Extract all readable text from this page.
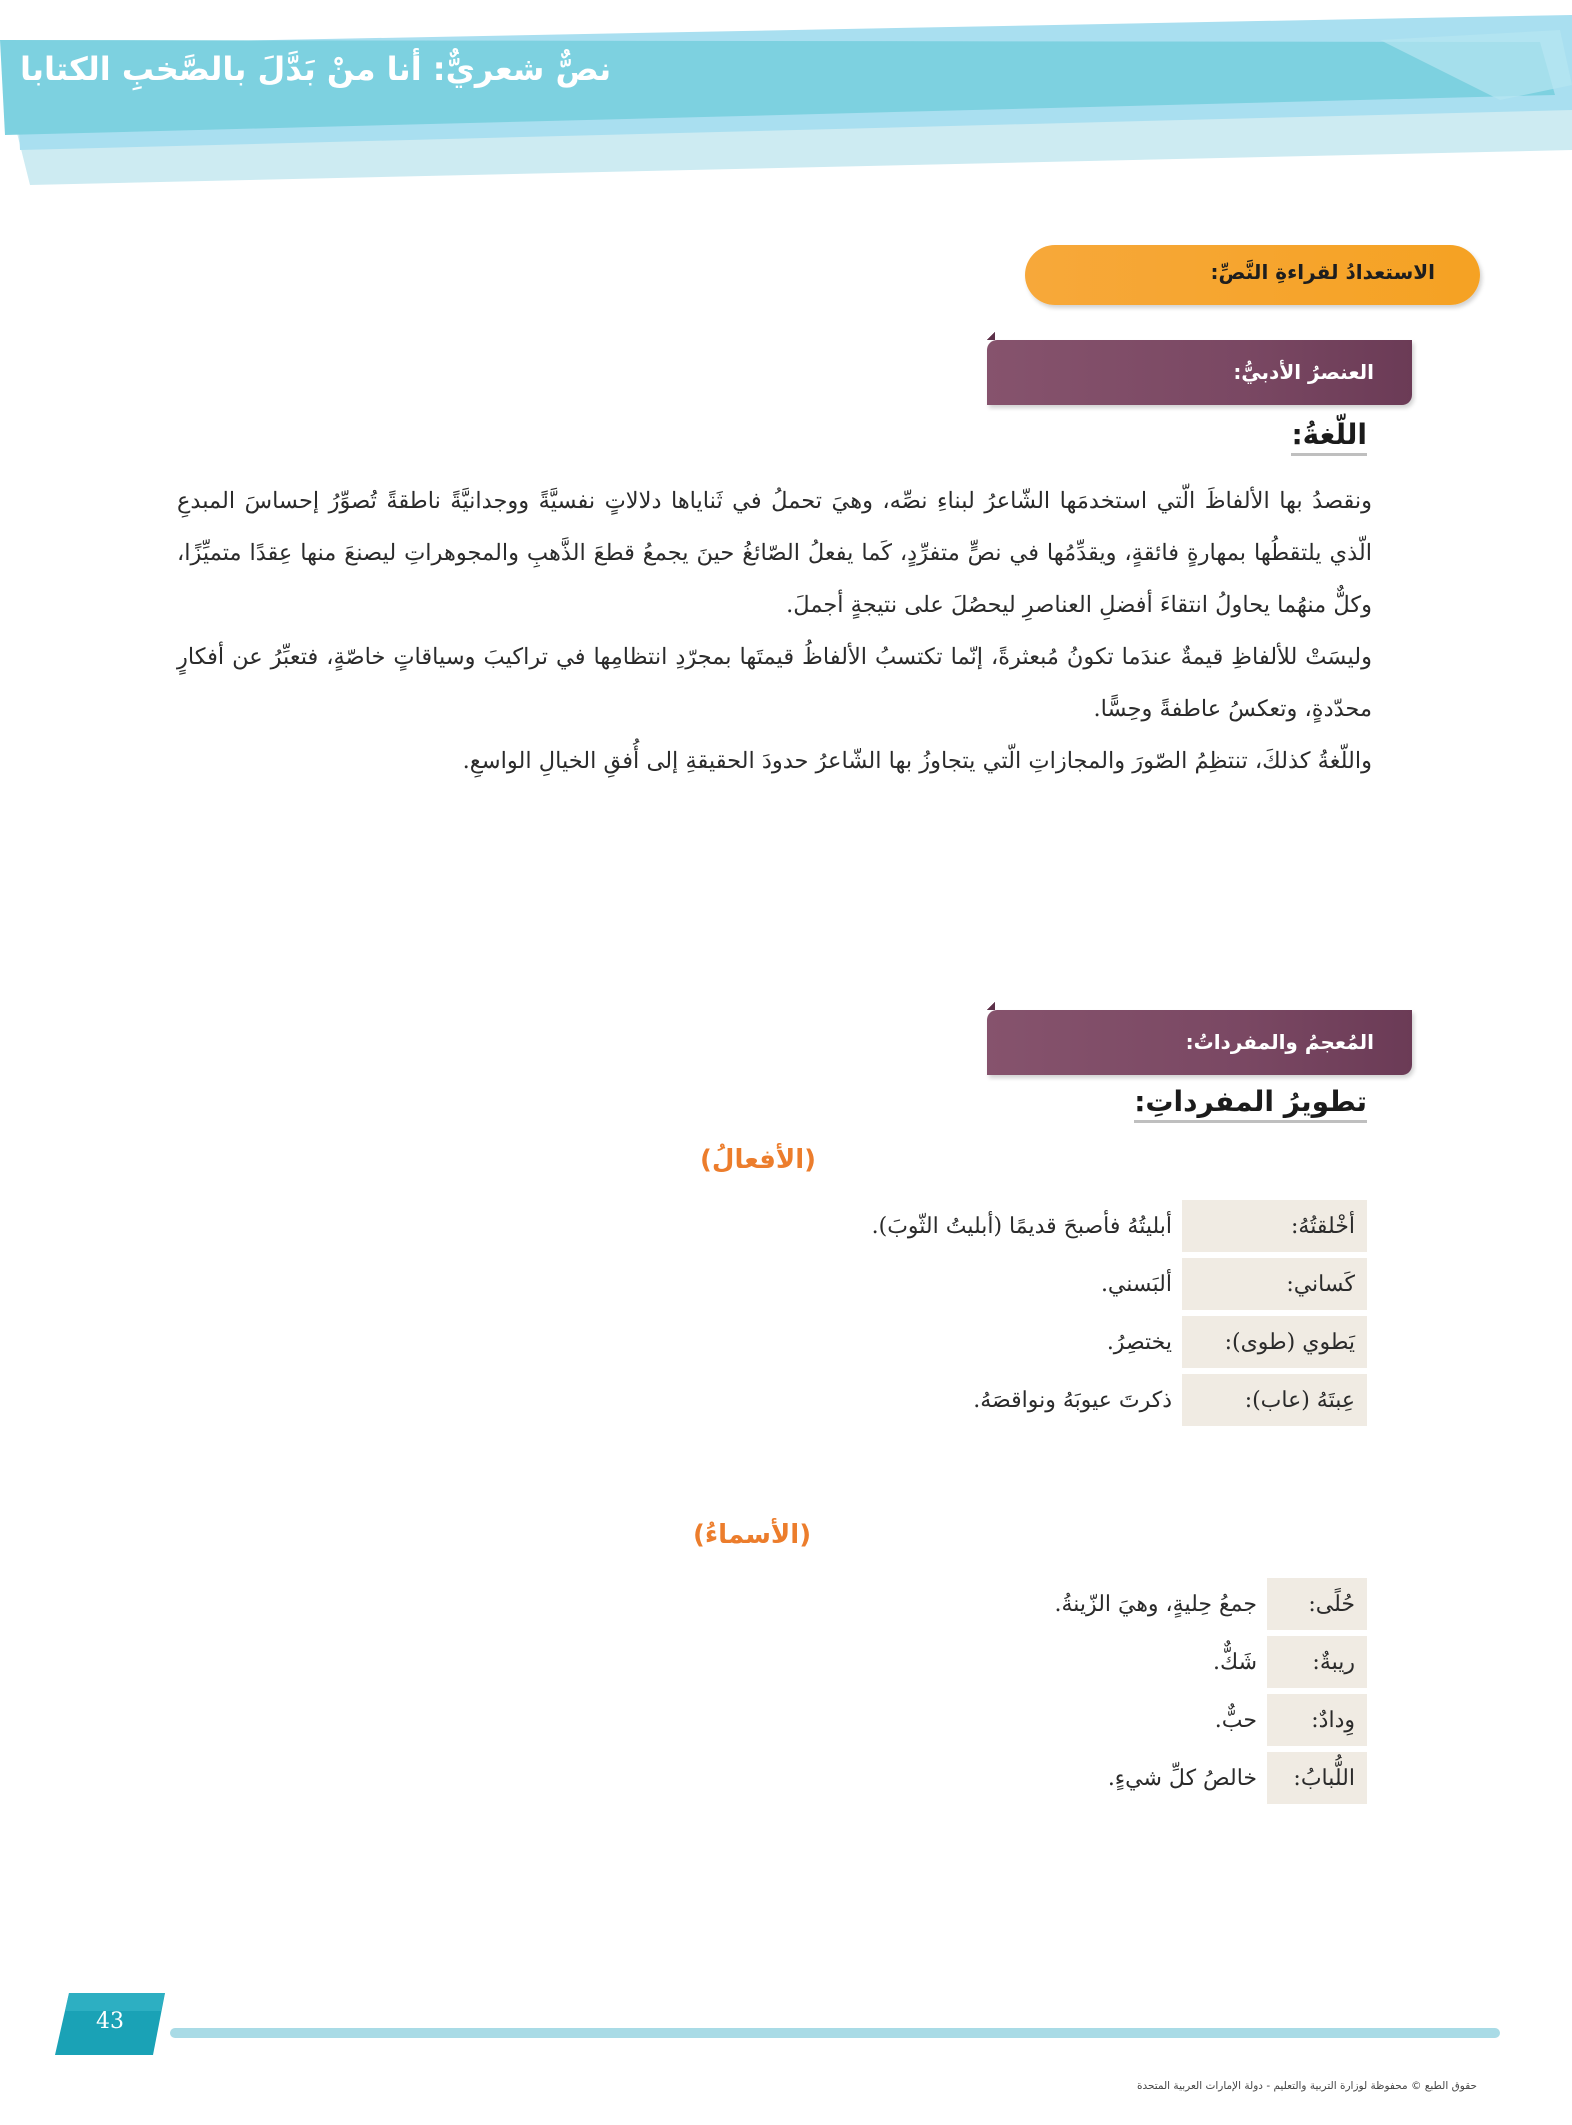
نصٌّ شعريٌّ: أنا منْ بَدَّلَ بالصَّخبِ الكتابا
الاستعدادُ لقراءةِ النَّصِّ:
العنصرُ الأدبيُّ:
اللّغةُ:

ونقصدُ بها الألفاظَ الّتي استخدمَها الشّاعرُ لبناءِ نصِّه، وهيَ تحملُ في ثَناياها دلالاتٍ نفسيَّةً ووجدانيَّةً ناطقةً تُصوِّرُ إحساسَ المبدعِ الّذي يلتقطُها بمهارةٍ فائقةٍ، ويقدِّمُها في نصٍّ متفرِّدٍ، كَما يفعلُ الصّائغُ حينَ يجمعُ قطعَ الذَّهبِ والمجوهراتِ ليصنعَ منها عِقدًا متميِّزًا، وكلٌّ منهُما يحاولُ انتقاءَ أفضلِ العناصرِ ليحصُلَ على نتيجةٍ أجملَ.

وليسَتْ للألفاظِ قيمةٌ عندَما تكونُ مُبعثرةً، إنّما تكتسبُ الألفاظُ قيمتَها بمجرّدِ انتظامِها في تراكيبَ وسياقاتٍ خاصّةٍ، فتعبِّرُ عن أفكارٍ محدّدةٍ، وتعكسُ عاطفةً وحِسًّا.

واللّغةُ كذلكَ، تنتظِمُ الصّورَ والمجازاتِ الّتي يتجاوزُ بها الشّاعرُ حدودَ الحقيقةِ إلى أُفقِ الخيالِ الواسعِ.

المُعجمُ والمفرداتُ:
تطويرُ المفرداتِ:
(الأفعالُ)
أخْلقتُهُ:
أبليتُهُ فأصبحَ قديمًا (أبليتُ الثّوبَ).
كَساني:
ألبَسني.
يَطوي (طوى):
يختصِرُ.
عِبتَهُ (عاب):
ذكرتَ عيوبَهُ ونواقصَهُ.
(الأسماءُ)
حُلًى:
جمعُ حِليةٍ، وهيَ الزّينةُ.
ريبةٌ:
شَكٌّ.
وِدادٌ:
حبٌّ.
اللُّبابُ:
خالصُ كلِّ شيءٍ.
43
حقوق الطبع © محفوظة لوزارة التربية والتعليم - دولة الإمارات العربية المتحدة
